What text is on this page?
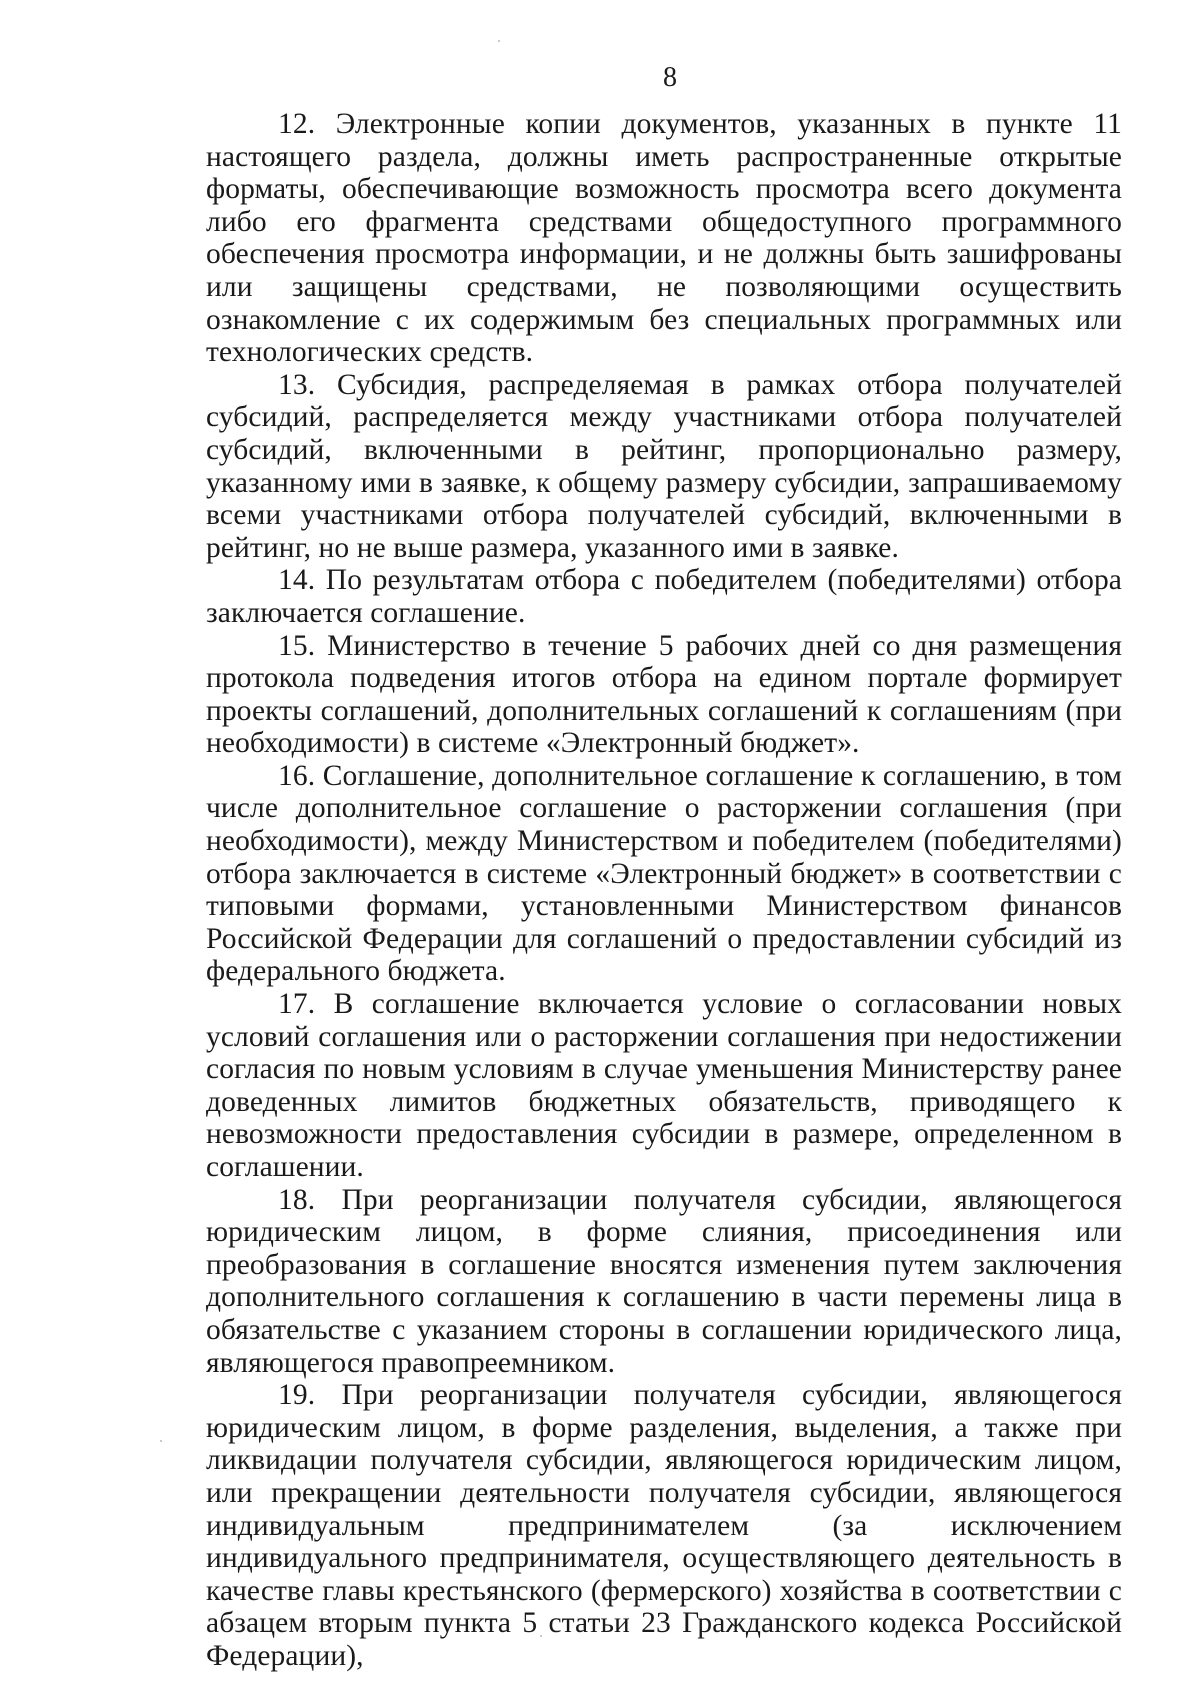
8

12. Электронные копии документов, указанных в пункте 11 настоящего раздела, должны иметь распространенные открытые форматы, обеспечивающие возможность просмотра всего документа либо его фрагмента средствами общедоступного программного обеспечения просмотра информации, и не должны быть зашифрованы или защищены средствами, не позволяющими осуществить ознакомление с их содержимым без специальных программных или технологических средств.

13. Субсидия, распределяемая в рамках отбора получателей субсидий, распределяется между участниками отбора получателей субсидий, включенными в рейтинг, пропорционально размеру, указанному ими в заявке, к общему размеру субсидии, запрашиваемому всеми участниками отбора получателей субсидий, включенными в рейтинг, но не выше размера, указанного ими в заявке.

14. По результатам отбора с победителем (победителями) отбора заключается соглашение.

15. Министерство в течение 5 рабочих дней со дня размещения протокола подведения итогов отбора на едином портале формирует проекты соглашений, дополнительных соглашений к соглашениям (при необходимости) в системе «Электронный бюджет».

16. Соглашение, дополнительное соглашение к соглашению, в том числе дополнительное соглашение о расторжении соглашения (при необходимости), между Министерством и победителем (победителями) отбора заключается в системе «Электронный бюджет» в соответствии с типовыми формами, установленными Министерством финансов Российской Федерации для соглашений о предоставлении субсидий из федерального бюджета.

17. В соглашение включается условие о согласовании новых условий соглашения или о расторжении соглашения при недостижении согласия по новым условиям в случае уменьшения Министерству ранее доведенных лимитов бюджетных обязательств, приводящего к невозможности предоставления субсидии в размере, определенном в соглашении.

18. При реорганизации получателя субсидии, являющегося юридическим лицом, в форме слияния, присоединения или преобразования в соглашение вносятся изменения путем заключения дополнительного соглашения к соглашению в части перемены лица в обязательстве с указанием стороны в соглашении юридического лица, являющегося правопреемником.

19. При реорганизации получателя субсидии, являющегося юридическим лицом, в форме разделения, выделения, а также при ликвидации получателя субсидии, являющегося юридическим лицом, или прекращении деятельности получателя субсидии, являющегося индивидуальным предпринимателем (за исключением индивидуального предпринимателя, осуществляющего деятельность в качестве главы крестьянского (фермерского) хозяйства в соответствии с абзацем вторым пункта 5 статьи 23 Гражданского кодекса Российской Федерации),
